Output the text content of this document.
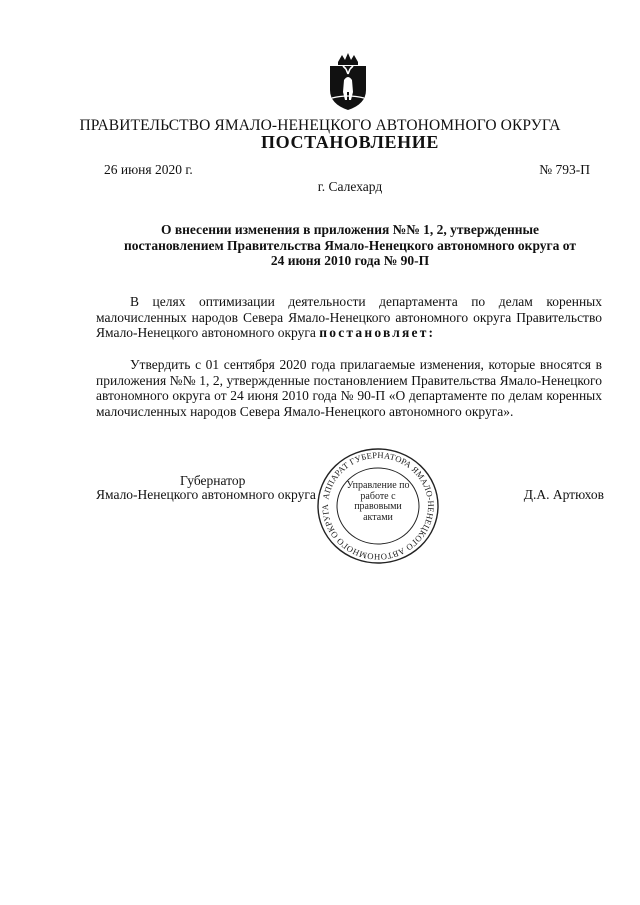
ПРАВИТЕЛЬСТВО ЯМАЛО-НЕНЕЦКОГО АВТОНОМНОГО ОКРУГА
ПОСТАНОВЛЕНИЕ
26 июня 2020 г.	№ 793-П
г. Салехард
О внесении изменения в приложения №№ 1, 2, утвержденные постановлением Правительства Ямало-Ненецкого автономного округа от 24 июня 2010 года № 90-П
В целях оптимизации деятельности департамента по делам коренных малочисленных народов Севера Ямало-Ненецкого автономного округа Правительство Ямало-Ненецкого автономного округа постановляет:
Утвердить с 01 сентября 2020 года прилагаемые изменения, которые вносятся в приложения №№ 1, 2, утвержденные постановлением Правительства Ямало-Ненецкого автономного округа от 24 июня 2010 года № 90-П «О департаменте по делам коренных малочисленных народов Севера Ямало-Ненецкого автономного округа».
Губернатор
Ямало-Ненецкого автономного округа	Д.А. Артюхов
АППАРАТ ГУБЕРНАТОРА ЯМАЛО-НЕНЕЦКОГО АВТОНОМНОГО ОКРУГА
Управление по работе с правовыми актами
